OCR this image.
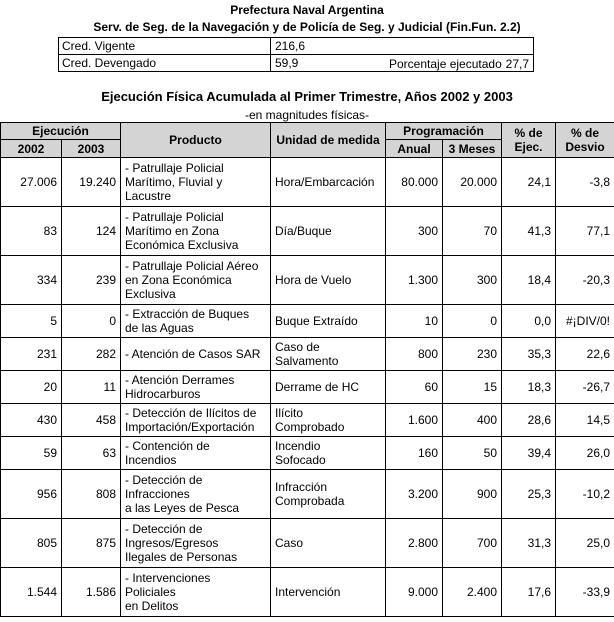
Prefectura Naval Argentina
Serv. de Seg. de la Navegación y de Policía de Seg. y Judicial (Fin.Fun. 2.2)
Cred. Vigente	216,6
Cred. Devengado	59,9	Porcentaje ejecutado 27,7
Ejecución Física Acumulada al Primer Trimestre, Años 2002 y 2003
-en magnitudes físicas-
Ejecución		Producto	Unidad de medida	Programación		% de Ejec.	% de Desvio
2002	2003			Anual	3 Meses		
27.006	19.240	- Patrullaje Policial
Marítimo, Fluvial y
Lacustre	Hora/Embarcación	80.000	20.000	24,1	-3,8
83	124	- Patrullaje Policial
Marítimo en Zona
Económica Exclusiva	Día/Buque	300	70	41,3	77,1
334	239	- Patrullaje Policial Aéreo
en Zona Económica
Exclusiva	Hora de Vuelo	1.300	300	18,4	-20,3
5	0	- Extracción de Buques
de las Aguas	Buque Extraído	10	0	0,0	#¡DIV/0!
231	282	- Atención de Casos SAR	Caso de
Salvamento	800	230	35,3	22,6
20	11	- Atención Derrames
Hidrocarburos	Derrame de HC	60	15	18,3	-26,7
430	458	- Detección de Ilícitos de
Importación/Exportación	Ilícito
Comprobado	1.600	400	28,6	14,5
59	63	- Contención de
Incendios	Incendio
Sofocado	160	50	39,4	26,0
956	808	- Detección de
Infracciones
a las Leyes de Pesca	Infracción
Comprobada	3.200	900	25,3	-10,2
805	875	- Detección de
Ingresos/Egresos
Ilegales de Personas	Caso	2.800	700	31,3	25,0
1.544	1.586	- Intervenciones
Policiales
en Delitos	Intervención	9.000	2.400	17,6	-33,9
